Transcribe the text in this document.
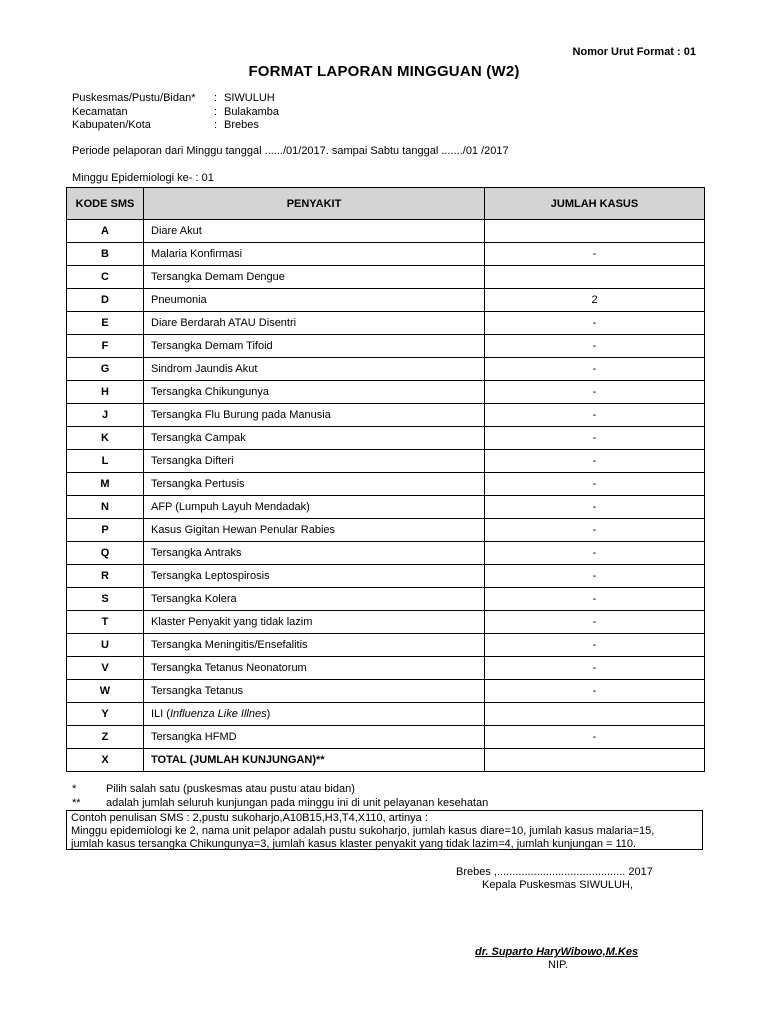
Nomor Urut Format : 01
FORMAT LAPORAN MINGGUAN (W2)
Puskesmas/Pustu/Bidan* : SIWULUH
Kecamatan	: Bulakamba
Kabupaten/Kota	: Brebes
Periode pelaporan dari Minggu tanggal ....../01/2017. sampai Sabtu tanggal ......./01 /2017
Minggu Epidemiologi ke- : 01
KODE SMS	PENYAKIT	JUMLAH KASUS
A	Diare Akut	
B	Malaria Konfirmasi	-
C	Tersangka Demam Dengue	
D	Pneumonia	2
E	Diare Berdarah ATAU Disentri	-
F	Tersangka Demam Tifoid	-
G	Sindrom Jaundis Akut	-
H	Tersangka Chikungunya	-
J	Tersangka Flu Burung pada Manusia	-
K	Tersangka Campak	-
L	Tersangka Difteri	-
M	Tersangka Pertusis	-
N	AFP (Lumpuh Layuh Mendadak)	-
P	Kasus Gigitan Hewan Penular Rabies	-
Q	Tersangka Antraks	-
R	Tersangka Leptospirosis	-
S	Tersangka Kolera	-
T	Klaster Penyakit yang tidak lazim	-
U	Tersangka Meningitis/Ensefalitis	-
V	Tersangka Tetanus Neonatorum	-
W	Tersangka Tetanus	-
Y	ILI (Influenza Like Illnes)	
Z	Tersangka HFMD	-
X	TOTAL (JUMLAH KUNJUNGAN)**	
*	Pilih salah satu (puskesmas atau pustu atau bidan)
** adalah jumlah seluruh kunjungan pada minggu ini di unit pelayanan kesehatan
Contoh penulisan SMS : 2,pustu sukoharjo,A10B15,H3,T4,X110, artinya :
Minggu epidemiologi ke 2, nama unit pelapor adalah pustu sukoharjo, jumlah kasus diare=10, jumlah kasus malaria=15,
jumlah kasus tersangka Chikungunya=3, jumlah kasus klaster penyakit yang tidak lazim=4, jumlah kunjungan = 110.
Brebes ,.......................................... 2017
Kepala Puskesmas SIWULUH,
dr. Suparto HaryWibowo,M.Kes
NIP.
